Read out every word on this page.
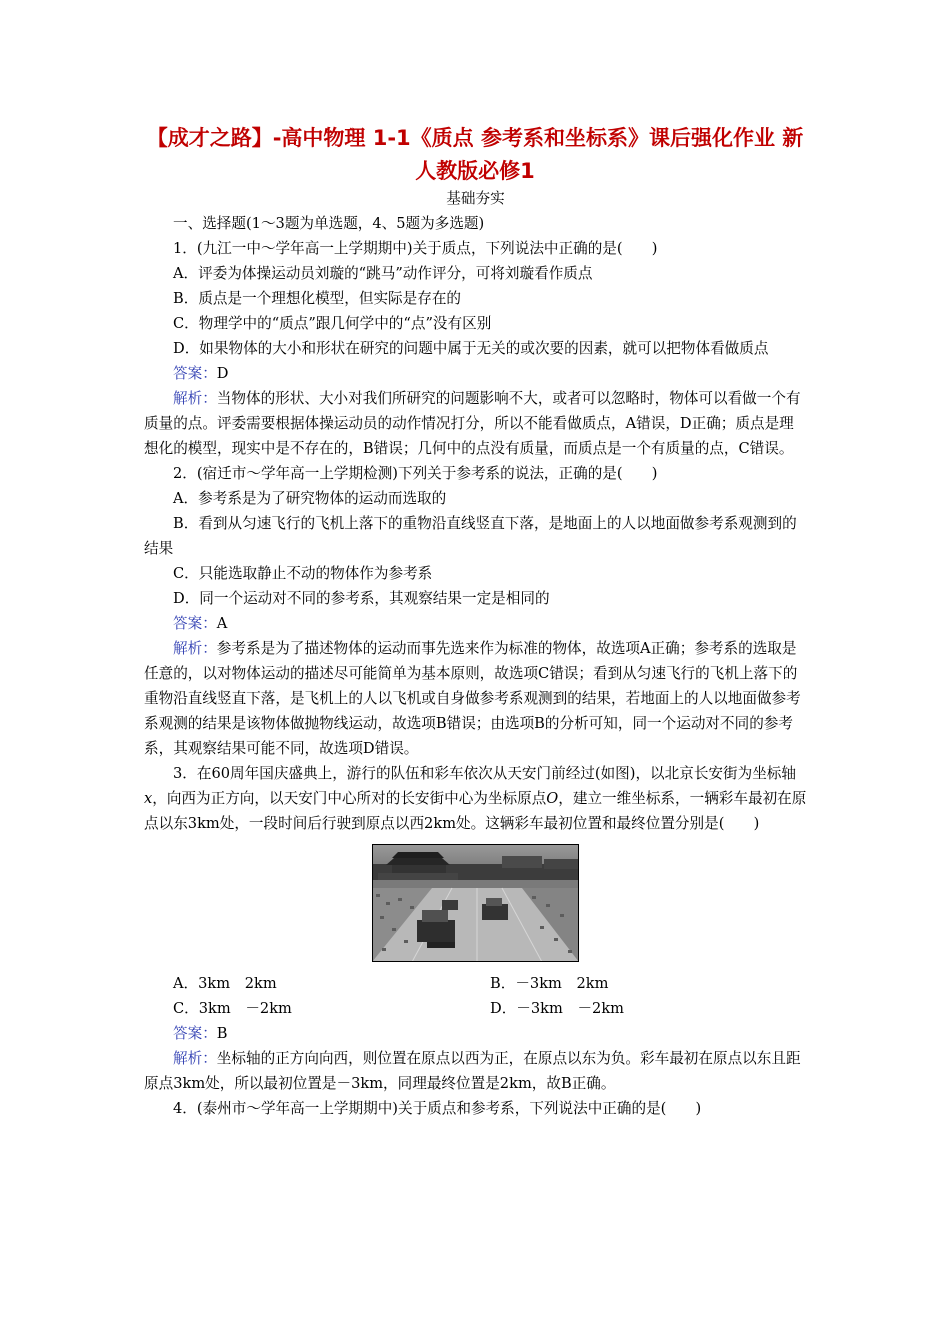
【成才之路】-高中物理 1-1《质点 参考系和坐标系》课后强化作业 新人教版必修1

基础夯实

一、选择题(1～3题为单选题，4、5题为多选题)

1．(九江一中～学年高一上学期期中)关于质点，下列说法中正确的是(　　)

A．评委为体操运动员刘璇的“跳马”动作评分，可将刘璇看作质点

B．质点是一个理想化模型，但实际是存在的

C．物理学中的“质点”跟几何学中的“点”没有区别

D．如果物体的大小和形状在研究的问题中属于无关的或次要的因素，就可以把物体看做质点

答案：D

解析：当物体的形状、大小对我们所研究的问题影响不大，或者可以忽略时，物体可以看做一个有质量的点。评委需要根据体操运动员的动作情况打分，所以不能看做质点，A错误，D正确；质点是理想化的模型，现实中是不存在的，B错误；几何中的点没有质量，而质点是一个有质量的点，C错误。

2．(宿迁市～学年高一上学期检测)下列关于参考系的说法，正确的是(　　)

A．参考系是为了研究物体的运动而选取的

B．看到从匀速飞行的飞机上落下的重物沿直线竖直下落，是地面上的人以地面做参考系观测到的结果

C．只能选取静止不动的物体作为参考系

D．同一个运动对不同的参考系，其观察结果一定是相同的

答案：A

解析：参考系是为了描述物体的运动而事先选来作为标准的物体，故选项A正确；参考系的选取是任意的，以对物体运动的描述尽可能简单为基本原则，故选项C错误；看到从匀速飞行的飞机上落下的重物沿直线竖直下落，是飞机上的人以飞机或自身做参考系观测到的结果，若地面上的人以地面做参考系观测的结果是该物体做抛物线运动，故选项B错误；由选项B的分析可知，同一个运动对不同的参考系，其观察结果可能不同，故选项D错误。

3．在60周年国庆盛典上，游行的队伍和彩车依次从天安门前经过(如图)，以北京长安街为坐标轴x，向西为正方向，以天安门中心所对的长安街中心为坐标原点O，建立一维坐标系，一辆彩车最初在原点以东3km处，一段时间后行驶到原点以西2km处。这辆彩车最初位置和最终位置分别是(　　)

A．3km　2km	B．－3km　2km
C．3km　－2km	D．－3km　－2km

答案：B

解析：坐标轴的正方向向西，则位置在原点以西为正，在原点以东为负。彩车最初在原点以东且距原点3km处，所以最初位置是－3km，同理最终位置是2km，故B正确。

4．(泰州市～学年高一上学期期中)关于质点和参考系，下列说法中正确的是(　　)
